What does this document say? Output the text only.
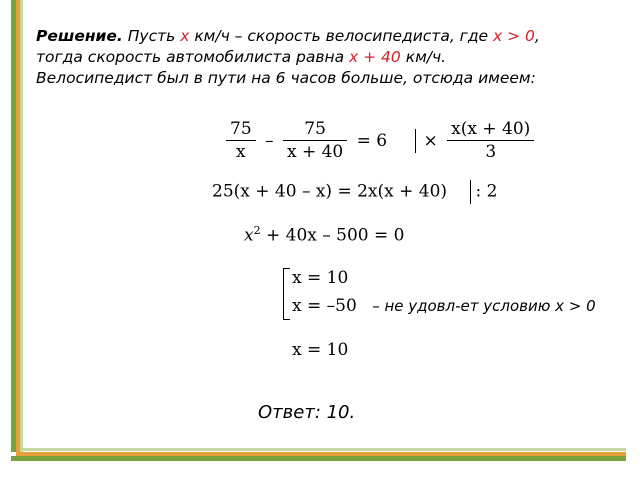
Решение. Пусть x км/ч – скорость велосипедиста, где x > 0,
тогда скорость автомобилиста равна x + 40 км/ч.
Велосипедист был в пути на 6 часов больше, отсюда имеем:
$\frac{75}{x} - \frac{75}{x + 40} = 6 \times \frac{x(x + 40)}{3}$
25(x + 40 – x) = 2x(x + 40) : 2
$x^2 + 40x - 500 = 0$
x = 10
x = –50 – не удовл-ет условию x > 0
x = 10
Ответ: 10.
